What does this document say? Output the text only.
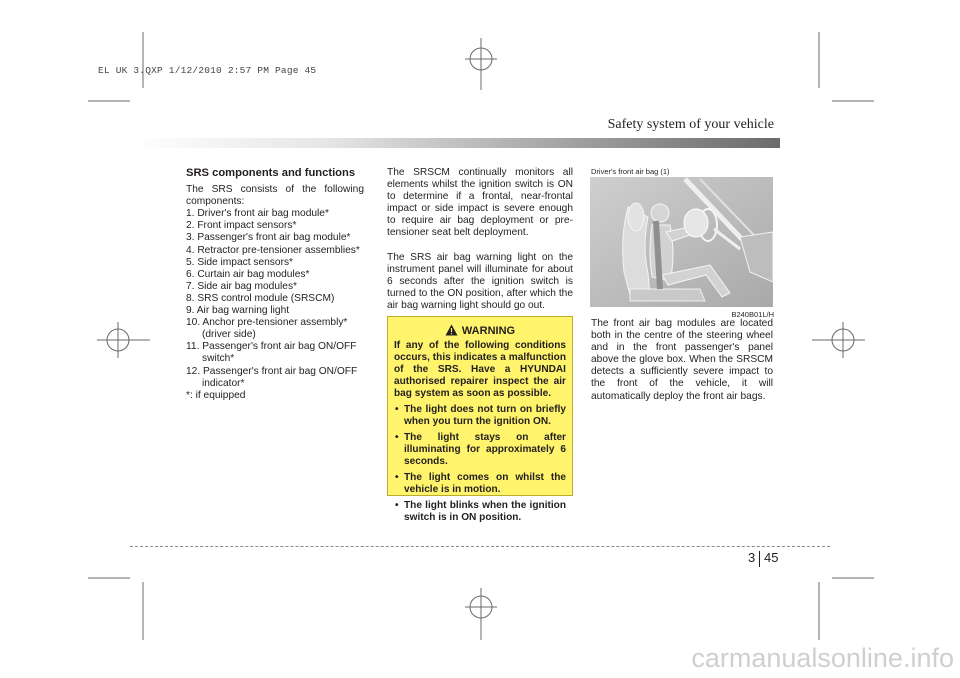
EL UK 3.QXP 1/12/2010 2:57 PM Page 45
Safety system of your vehicle

SRS components and functions

The SRS consists of the following components:

1. Driver's front air bag module*
2. Front impact sensors*
3. Passenger's front air bag module*
4. Retractor pre-tensioner assemblies*
5. Side impact sensors*
6. Curtain air bag modules*
7. Side air bag modules*
8. SRS control module (SRSCM)
9. Air bag warning light
10. Anchor pre-tensioner assembly*
(driver side)
11. Passenger's front air bag ON/OFF
switch*
12. Passenger's front air bag ON/OFF
indicator*
*: if equipped

The SRSCM continually monitors all elements whilst the ignition switch is ON to determine if a frontal, near-frontal impact or side impact is severe enough to require air bag deployment or pre-tensioner seat belt deployment.

The SRS air bag warning light on the instrument panel will illuminate for about 6 seconds after the ignition switch is turned to the ON position, after which the air bag warning light should go out.

WARNING

If any of the following conditions occurs, this indicates a malfunction of the SRS. Have a HYUNDAI authorised repairer inspect the air bag system as soon as possible.

• The light does not turn on briefly when you turn the ignition ON.
• The light stays on after illuminating for approximately 6 seconds.
• The light comes on whilst the vehicle is in motion.
• The light blinks when the ignition switch is in ON position.
Driver's front air bag (1)
B240B01L/H

The front air bag modules are located both in the centre of the steering wheel and in the front passenger's panel above the glove box. When the SRSCM detects a sufficiently severe impact to the front of the vehicle, it will automatically deploy the front air bags.

3 45
carmanualsonline.info
